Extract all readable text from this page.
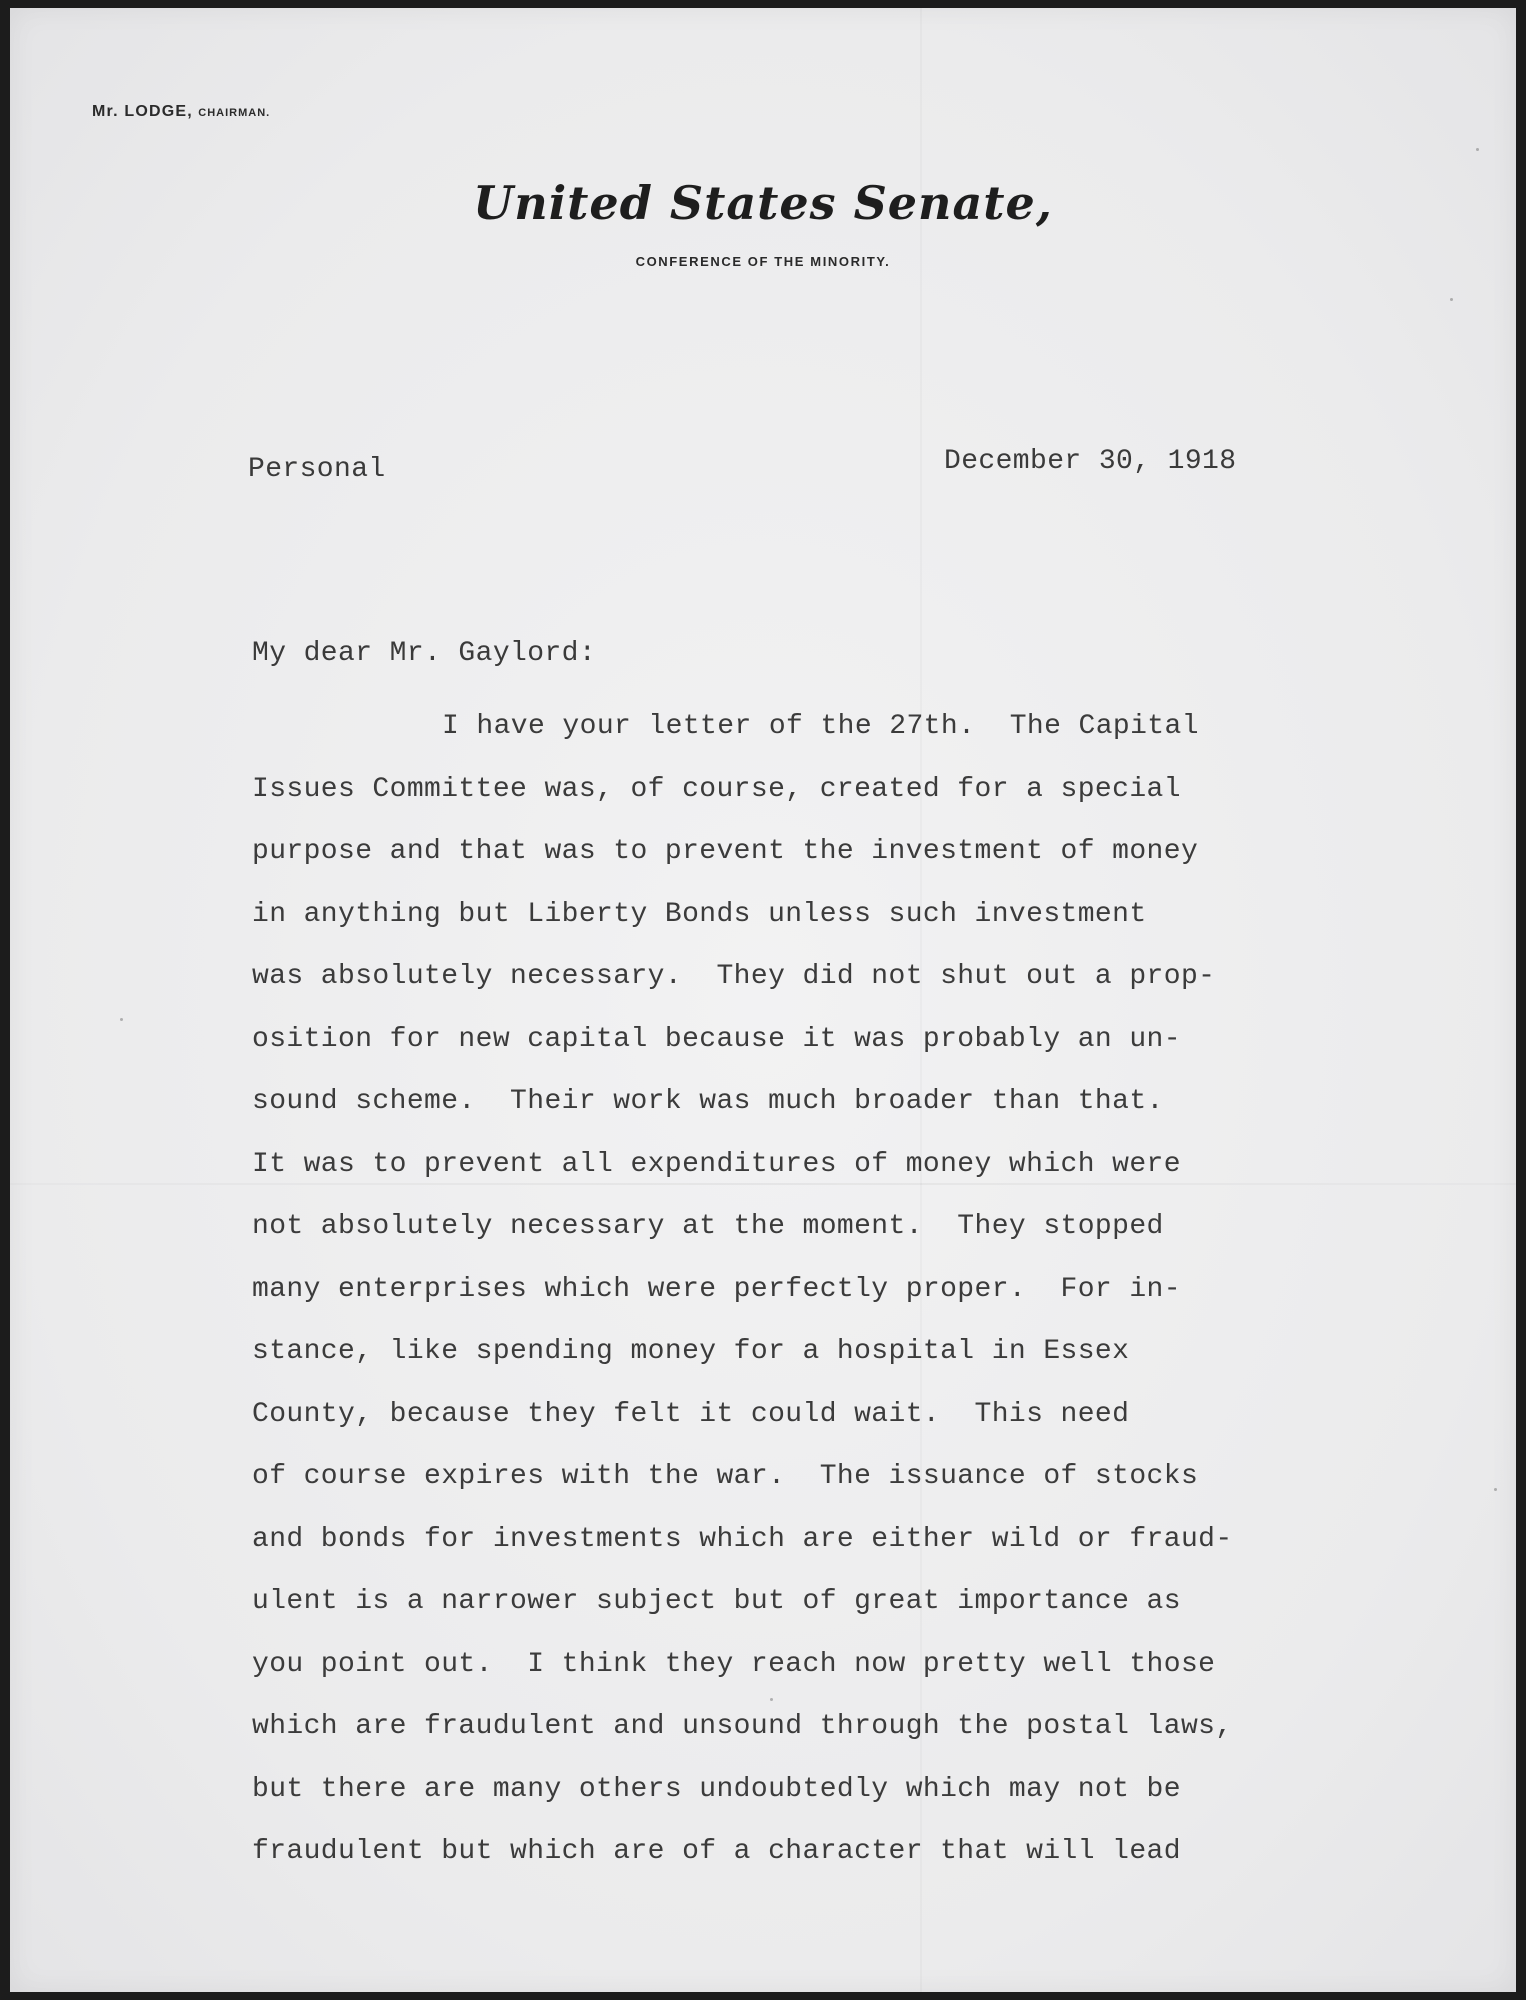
Mr. LODGE, CHAIRMAN.
United States Senate,
CONFERENCE OF THE MINORITY.
Personal	December 30, 1918
My dear Mr. Gaylord:
I have your letter of the 27th.  The Capital
Issues Committee was, of course, created for a special
purpose and that was to prevent the investment of money
in anything but Liberty Bonds unless such investment
was absolutely necessary.  They did not shut out a prop-
osition for new capital because it was probably an un-
sound scheme.  Their work was much broader than that.
It was to prevent all expenditures of money which were
not absolutely necessary at the moment.  They stopped
many enterprises which were perfectly proper.  For in-
stance, like spending money for a hospital in Essex
County, because they felt it could wait.  This need
of course expires with the war.  The issuance of stocks
and bonds for investments which are either wild or fraud-
ulent is a narrower subject but of great importance as
you point out.  I think they reach now pretty well those
which are fraudulent and unsound through the postal laws,
but there are many others undoubtedly which may not be
fraudulent but which are of a character that will lead
